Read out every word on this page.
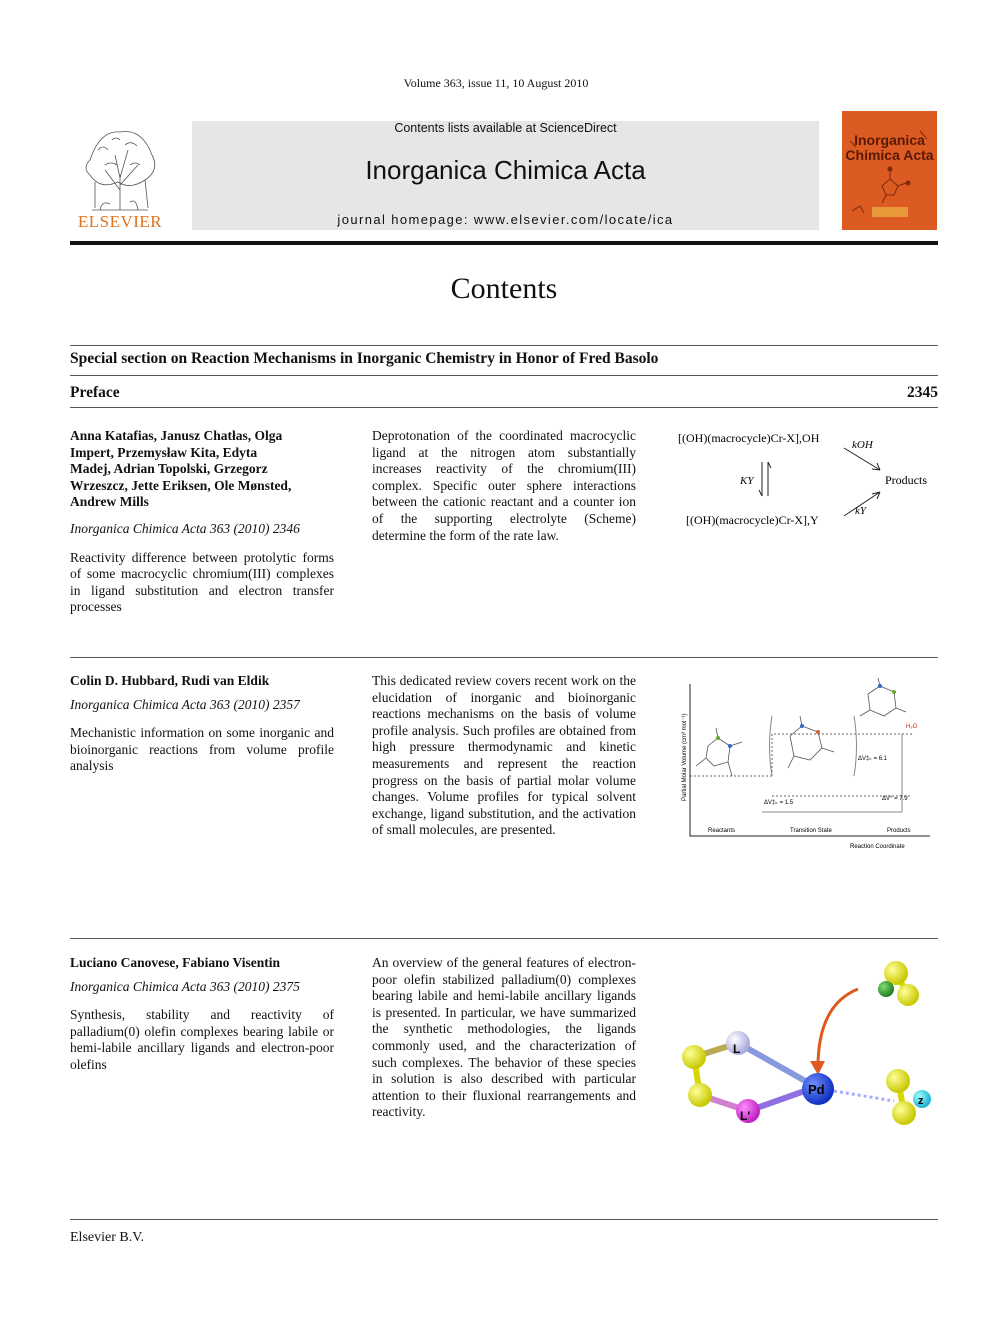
Volume 363, issue 11, 10 August 2010
ELSEVIER
Contents lists available at ScienceDirect
Inorganica Chimica Acta
journal homepage: www.elsevier.com/locate/ica
Inorganica Chimica Acta
Contents
Special section on Reaction Mechanisms in Inorganic Chemistry in Honor of Fred Basolo
Preface	2345
Anna Katafias, Janusz Chatłas, Olga Impert, Przemysław Kita, Edyta Madej, Adrian Topolski, Grzegorz Wrzeszcz, Jette Eriksen, Ole Mønsted, Andrew Mills
Inorganica Chimica Acta 363 (2010) 2346
Reactivity difference between protolytic forms of some macrocyclic chromium(III) complexes in ligand substitution and electron transfer processes
Deprotonation of the coordinated macrocyclic ligand at the nitrogen atom substantially increases reactivity of the chromium(III) complex. Specific outer sphere interactions between the cationic reactant and a counter ion of the supporting electrolyte (Scheme) determine the form of the rate law.
[(OH)(macrocycle)Cr-X],OH
[(OH)(macrocycle)Cr-X],Y
Products
kOH
kY
KY
Colin D. Hubbard, Rudi van Eldik
Inorganica Chimica Acta 363 (2010) 2357
Mechanistic information on some inorganic and bioinorganic reactions from volume profile analysis
This dedicated review covers recent work on the elucidation of inorganic and bioinorganic reactions mechanisms on the basis of volume profile analysis. Such profiles are obtained from high pressure thermodynamic and kinetic measurements and represent the reaction progress on the basis of partial molar volume changes. Volume profiles for typical solvent exchange, ligand substitution, and the activation of small molecules, are presented.
Partial Molar Volume (cm³ mol⁻¹)
Reactants	Transition State	Products
Reaction Coordinate
ΔV‡ₖ = 1.5
ΔV‡ₖ = 6.1
ΔV° = 7.9
H₂O
Luciano Canovese, Fabiano Visentin
Inorganica Chimica Acta 363 (2010) 2375
Synthesis, stability and reactivity of palladium(0) olefin complexes bearing labile or hemi-labile ancillary ligands and electron-poor olefins
An overview of the general features of electron-poor olefin stabilized palladium(0) complexes bearing labile and hemi-labile ancillary ligands is presented. In particular, we have summarized the synthetic methodologies, the ligands commonly used, and the characterization of such complexes. The behavior of these species in solution is also described with particular attention to their fluxional rearrangements and reactivity.
L
L'
Pd
z
Elsevier B.V.
